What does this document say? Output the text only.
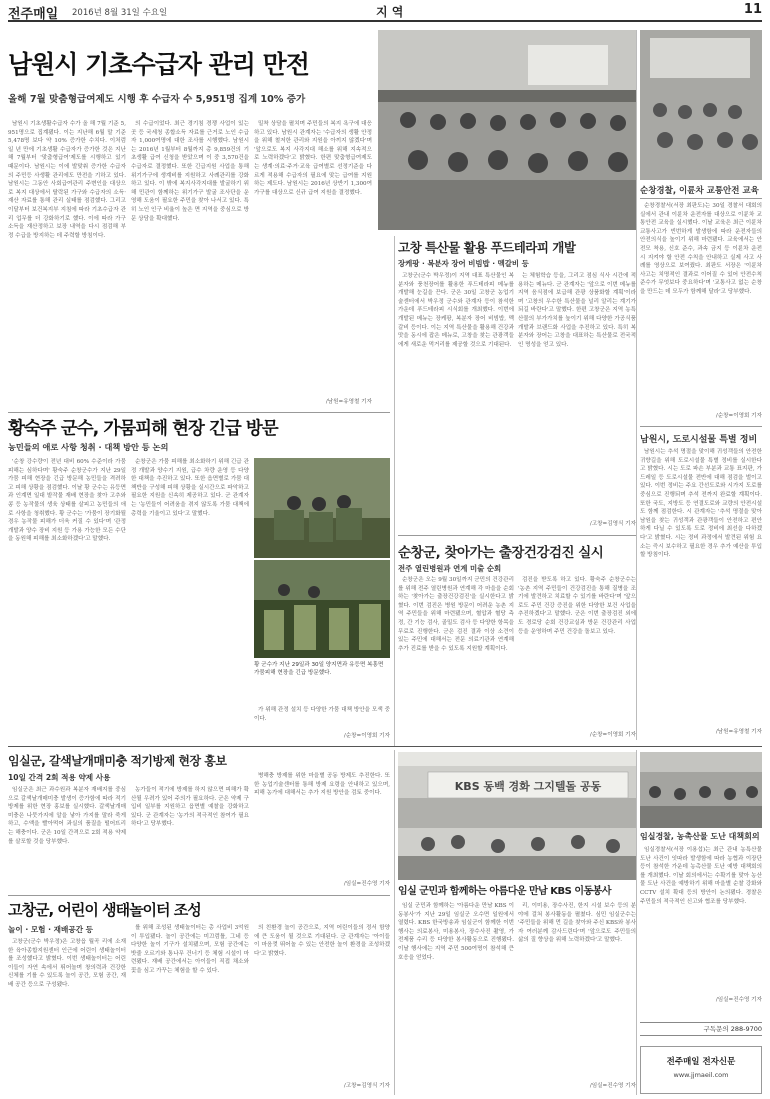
전주매일 2016년 8월 31일 수요일	지 역	11
남원시 기초수급자 관리 만전
올해 7월 맞춤형급여제도 시행 후 수급자 수 5,951명 집계 10% 증가

남원시 기초생활수급자 수가 올 해 7월 기준 5,951명으로 집계됐다. 이는 지난해 6월 말 기준 5,478명 보다 약 10% 증가한 수치다. 이처럼 일 년 만에 기초생활 수급자가 증가한 것은 지난해 7월부터 '맞춤형급여'제도를 시행하고 있기 때문이다. 남원시는 이에 발맞춰 증가한 수급자의 주민등 사생활 관리에도 만전을 기하고 있다. 남원시는 그동안 사회급여관리 주변인을 대상으로 복지 대상에서 탈락된 가구와 수급자의 소득·재산 자료를 통해 관리 실태를 점검했다. 그리고 이달부터 보건복지부 지침에 따라 기초수급자 관리 업무를 더 강화하기로 했다. 이에 따라 가구 소득을 재산정하고 보장 내역을 다시 점검해 부정 수급을 방지하는 데 주력할 방침이다.

의 수급이었다. 최근 경기침 경쟁 사업이 있는 곳 등 국세청 종합소득 자료를 근거로 노인 수급자 1,000여명에 대한 조사를 시행했다. 남원시는 2016년 1월부터 8월까지 총 9,859건의 기초생활 급여 신청을 받았으며 이 중 3,570건을 수급자로 결정했다. 또한 긴급지원 사업을 통해 위기가구에 생계비를 지원하고 사례관리를 강화하고 있다. 이 밖에 복지사각지대를 발굴하기 위해 민관이 함께하는 위기가구 발굴 조사단을 운영해 도움이 필요한 주민을 찾아 나서고 있다. 특히 노인 인구 비율이 높은 면 지역을 중심으로 방문 상담을 확대했다.

밀착 상담을 펼치며 주민들의 복지 욕구에 대응하고 있다. 남원시 관계자는 '수급자의 생활 안정을 위해 철저한 관리와 지원을 아끼지 않겠다'며 '앞으로도 복지 사각지대 해소를 위해 지속적으로 노력하겠다'고 밝혔다. 한편 맞춤형급여제도는 생계·의료·주거·교육 급여별로 선정기준을 다르게 적용해 수급자의 필요에 맞는 급여를 지원하는 제도다. 남원시는 2016년 상반기 1,300여 가구를 대상으로 신규 급여 지원을 결정했다.

/남원=유영철 기자
순창경찰, 이륜차 교통안전 교육

순창경찰서(서장 최판도)는 30일 경찰서 대회의실에서 관내 이륜차 운전자를 대상으로 이륜차 교통안전 교육을 실시했다. 이날 교육은 최근 이륜차 교통사고가 빈번하게 발생함에 따라 운전자들의 안전의식을 높이기 위해 마련됐다. 교육에서는 안전모 착용, 신호 준수, 과속 금지 등 이륜차 운전 시 지켜야 할 안전 수칙을 안내하고 실제 사고 사례를 영상으로 보여줬다. 최판도 서장은 '이륜차 사고는 치명적인 결과로 이어질 수 있어 안전수칙 준수가 무엇보다 중요하다'며 '교통사고 없는 순창을 만드는 데 모두가 함께해 달라'고 당부했다.

/순창=이영회 기자
남원시, 도로시설물 특별 정비

남원시는 추석 명절을 맞이해 귀성객들의 안전한 귀향길을 위해 도로시설물 특별 정비를 실시한다고 밝혔다. 시는 도로 파손 부분과 교통 표지판, 가드레일 등 도로시설물 전반에 대해 점검을 벌이고 있다. 이번 정비는 주요 간선도로와 시가지 도로를 중심으로 진행되며 추석 전까지 완료할 계획이다. 또한 국도, 지방도 등 연결도로와 교량의 안전시설도 함께 점검한다. 시 관계자는 '추석 명절을 맞아 남원을 찾는 귀성객과 관광객들이 안전하고 편안하게 다닐 수 있도록 도로 정비에 최선을 다하겠다'고 밝혔다. 시는 정비 과정에서 발견된 위험 요소는 즉시 보수하고 필요한 경우 추가 예산을 투입할 방침이다.

/남원=유영철 기자
고창 특산물 활용 푸드테라피 개발
장케팡 · 복분자 장어 비빔밥 · 멕갈비 등

고창군(군수 박우정)이 지역 대표 특산물인 복분자와 풍천장어를 활용한 푸드테라피 메뉴를 개발해 눈길을 끈다. 군은 30일 고창군 농업기술센터에서 박우정 군수와 관계자 등이 참석한 가운데 푸드테라피 시식회를 개최했다. 이번에 개발된 메뉴는 장케팡, 복분자 장어 비빔밥, 멕갈비 등이다. 이는 지역 특산물을 활용해 건강과 맛을 동시에 잡은 메뉴로, 고창을 찾는 관광객들에게 새로운 먹거리를 제공할 것으로 기대된다.

는 체험학습 등을, 그리고 점심 식사 시간에 적용하는 메뉴다. 군 관계자는 '앞으로 이번 메뉴를 지역 음식점에 보급해 관광 상품화할 계획'이라며 '고창의 우수한 특산물을 널리 알리는 계기가 되길 바란다'고 말했다. 한편 고창군은 지역 농특산물의 부가가치를 높이기 위해 다양한 가공식품 개발과 브랜드화 사업을 추진하고 있다. 특히 복분자와 장어는 고창을 대표하는 특산물로 전국적인 명성을 얻고 있다.

/고창=김영식 기자
황숙주 군수, 가뭄피해 현장 긴급 방문
농민들의 애로 사항 청취 · 대책 방안 등 논의

'순창 강수량이 전년 대비 60% 수준이라 가뭄 피해는 심하다며' 황숙주 순창군수가 지난 29일 가뭄 피해 현장을 긴급 방문해 농민들을 격려하고 피해 상황을 점검했다. 이날 황 군수는 유등면과 인계면 일대 밭작물 재배 현장을 찾아 고추와 콩 등 농작물의 생육 상태를 살피고 농민들의 애로 사항을 청취했다. 황 군수는 '가뭄이 장기화될 경우 농작물 피해가 더욱 커질 수 있다'며 '관정 개발과 양수 장비 지원 등 가용 가능한 모든 수단을 동원해 피해를 최소화하겠다'고 말했다.

순창군은 가뭄 피해를 최소화하기 위해 긴급 관정 개발과 양수기 지원, 급수 차량 운영 등 다양한 대책을 추진하고 있다. 또한 읍면별로 가뭄 대책반을 구성해 피해 상황을 실시간으로 파악하고 필요한 지원을 신속히 제공하고 있다. 군 관계자는 '농민들이 어려움을 겪지 않도록 가뭄 대책에 총력을 기울이고 있다'고 말했다.

황 군수가 지난 29일과 30일 양지면과 유등면 복흥면 가뭄피해 현장을 긴급 방문했다.

가 위해 관정 설치 등 다양한 가뭄 대책 방안을 모색 중이다.

/순창=이영회 기자
순창군, 찾아가는 출장건강검진 실시
전주 열린병원과 연계 미출 순회

순창군은 오는 9월 30일까지 군민의 건강관리를 위해 전주 열린병원과 연계해 각 마을을 순회하는 '찾아가는 출장건강검진'을 실시한다고 밝혔다. 이번 검진은 병원 방문이 어려운 농촌 지역 주민들을 위해 마련됐으며, 혈압과 혈당 측정, 간 기능 검사, 골밀도 검사 등 다양한 항목을 무료로 진행한다. 군은 검진 결과 이상 소견이 있는 주민에 대해서는 전문 의료기관과 연계해 추가 진료를 받을 수 있도록 지원할 계획이다.

검진을 받도록 하고 있다. 황숙주 순창군수는 '농촌 지역 주민들이 건강검진을 통해 질병을 조기에 발견하고 치료할 수 있기를 바란다'며 '앞으로도 주민 건강 증진을 위한 다양한 보건 사업을 추진하겠다'고 말했다. 군은 이번 출장검진 외에도 경로당 순회 건강교실과 방문 건강관리 사업 등을 운영하며 주민 건강을 돌보고 있다.

/순창=이영회 기자
임실군, 갈색날개매미충 적기방제 현장 홍보
10일 간격 2회 적용 약제 사용

임실군은 최근 과수원과 복분자 재배지를 중심으로 갈색날개매미충 발생이 증가함에 따라 적기 방제를 위한 현장 홍보를 실시했다. 갈색날개매미충은 나뭇가지에 알을 낳아 가지를 말라 죽게 하고, 수액을 빨아먹어 과실의 품질을 떨어뜨리는 해충이다. 군은 10일 간격으로 2회 적용 약제를 살포할 것을 당부했다.

농가들이 적기에 방제를 하지 않으면 피해가 확산될 우려가 있어 주의가 필요하다. 군은 약제 구입비 일부를 지원하고 읍면별 예찰을 강화하고 있다. 군 관계자는 '농가의 적극적인 참여가 필요하다'고 당부했다.

병해충 방제를 위한 마을별 공동 방제도 추진한다. 또한 농업기술센터를 통해 방제 요령을 안내하고 있으며, 피해 농가에 대해서는 추가 지원 방안을 검토 중이다.

/임실=진수영 기자
고창군, 어린이 생태놀이터 조성
놀이 · 모험 · 재배공간 등

고창군(군수 박우정)은 고창읍 월곡 리에 소재한 육아종합지원센터 인근에 어린이 생태놀이터를 조성했다고 밝혔다. 이번 생태놀이터는 어린이들이 자연 속에서 뛰어놀며 창의력과 건강한 신체를 기를 수 있도록 놀이 공간, 모험 공간, 재배 공간 등으로 구성됐다.

를 위해 조성된 생태놀이터는 총 사업비 3억원이 투입됐다. 놀이 공간에는 미끄럼틀, 그네 등 다양한 놀이 기구가 설치됐으며, 모험 공간에는 밧줄 오르기와 통나무 건너기 등 체험 시설이 마련됐다. 재배 공간에서는 아이들이 직접 채소와 꽃을 심고 가꾸는 체험을 할 수 있다.

의 친환경 놀이 공간으로, 지역 어린이들의 정서 함양에 큰 도움이 될 것으로 기대된다. 군 관계자는 '아이들이 마음껏 뛰어놀 수 있는 안전한 놀이 환경을 조성하겠다'고 밝혔다.

/고창=김영식 기자
KBS 동백 경화 그지텔돌 공동
임실 군민과 함께하는 아름다운 만남 KBS 이동봉사

임실 군민과 함께하는 '아름다운 만남 KBS 이동봉사'가 지난 29일 임실군 오수면 일원에서 열렸다. KBS 한국방송과 임실군이 함께한 이번 행사는 의료봉사, 미용봉사, 장수사진 촬영, 가전제품 수리 등 다양한 봉사활동으로 진행됐다. 이날 행사에는 지역 주민 500여명이 참석해 큰 호응을 얻었다.

리, 이미용, 장수사진, 한지 시설 보수 등의 분야에 걸쳐 봉사활동을 펼쳤다. 심민 임실군수는 '주민들을 위해 먼 길을 찾아와 주신 KBS와 봉사자 여러분께 감사드린다'며 '앞으로도 주민들의 삶의 질 향상을 위해 노력하겠다'고 말했다.

/임실=진수영 기자
임실경찰, 농촉산물 도난 대책회의

임실경찰서(서장 이용섭)는 최근 관내 농특산물 도난 사건이 잇따라 발생함에 따라 농협과 이장단 등이 참석한 가운데 농촉산물 도난 예방 대책회의를 개최했다. 이날 회의에서는 수확기를 맞아 농산물 도난 사건을 예방하기 위해 마을별 순찰 강화와 CCTV 설치 확대 등의 방안이 논의됐다. 경찰은 주민들의 적극적인 신고와 협조를 당부했다.

/임실=진수영 기자
구독문의 288-9700
전주매일 전자신문
www.jjmaeil.com
